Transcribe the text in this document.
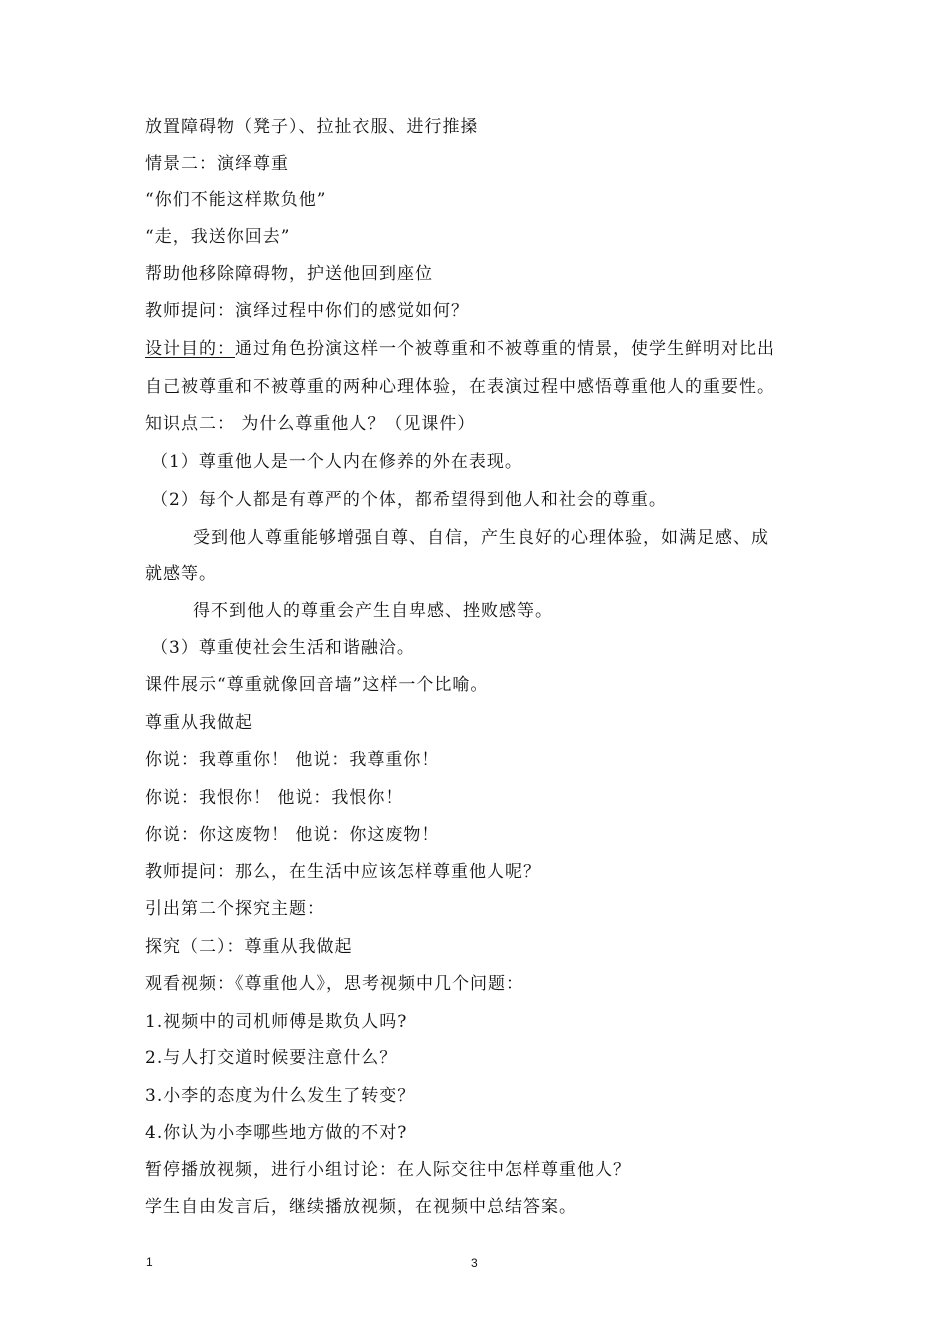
放置障碍物（凳子）、拉扯衣服、进行推搡
情景二：演绎尊重
“你们不能这样欺负他”
“走，我送你回去”
帮助他移除障碍物，护送他回到座位
教师提问：演绎过程中你们的感觉如何？
设计目的：通过角色扮演这样一个被尊重和不被尊重的情景，使学生鲜明对比出
自己被尊重和不被尊重的两种心理体验，在表演过程中感悟尊重他人的重要性。
知识点二： 为什么尊重他人？（见课件）
（1）尊重他人是一个人内在修养的外在表现。
（2）每个人都是有尊严的个体，都希望得到他人和社会的尊重。
受到他人尊重能够增强自尊、自信，产生良好的心理体验，如满足感、成
就感等。
得不到他人的尊重会产生自卑感、挫败感等。
（3）尊重使社会生活和谐融洽。
课件展示“尊重就像回音墙”这样一个比喻。
尊重从我做起
你说：我尊重你！ 他说：我尊重你！
你说：我恨你！ 他说：我恨你！
你说：你这废物！ 他说：你这废物！
教师提问：那么，在生活中应该怎样尊重他人呢？
引出第二个探究主题：
探究（二）：尊重从我做起
观看视频：《尊重他人》，思考视频中几个问题：
1.视频中的司机师傅是欺负人吗?
2.与人打交道时候要注意什么？
3.小李的态度为什么发生了转变？
4.你认为小李哪些地方做的不对?
暂停播放视频，进行小组讨论：在人际交往中怎样尊重他人？
学生自由发言后，继续播放视频，在视频中总结答案。
1	3
